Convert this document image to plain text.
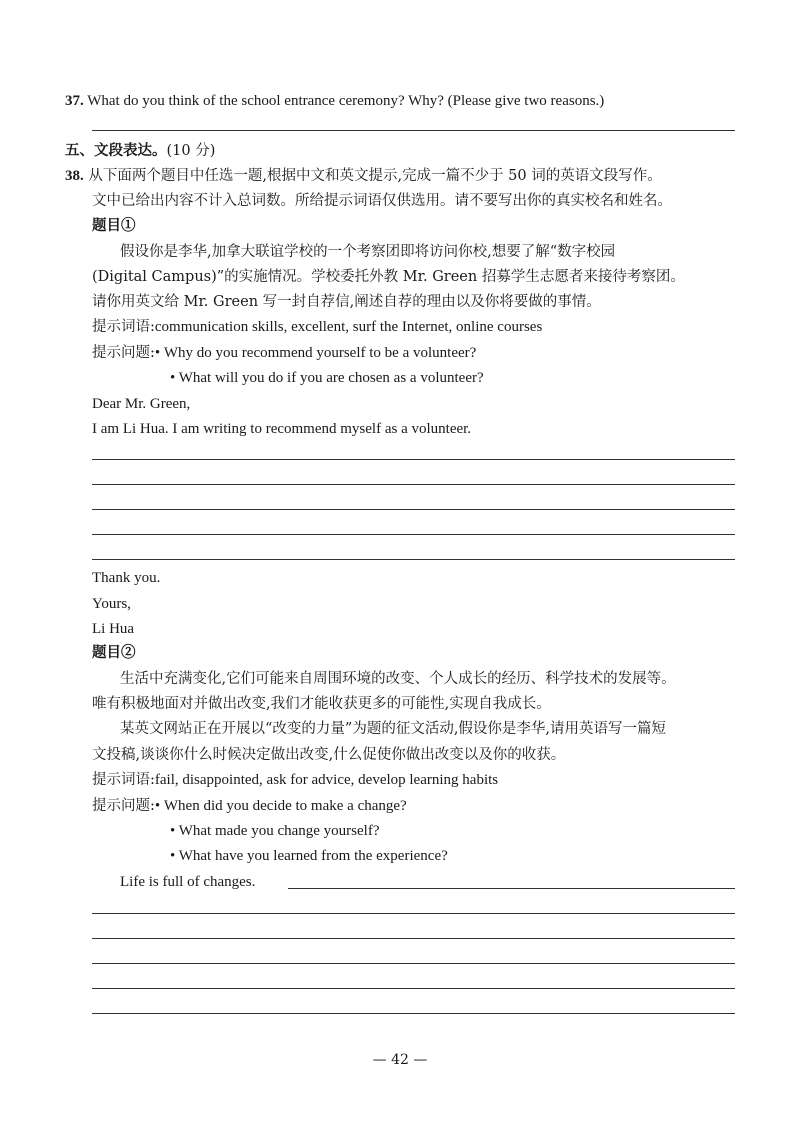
37. What do you think of the school entrance ceremony? Why? (Please give two reasons.)
五、文段表达。(10 分)
38. 从下面两个题目中任选一题,根据中文和英文提示,完成一篇不少于 50 词的英语文段写作。
文中已给出内容不计入总词数。所给提示词语仅供选用。请不要写出你的真实校名和姓名。
题目①
假设你是李华,加拿大联谊学校的一个考察团即将访问你校,想要了解“数字校园
(Digital Campus)”的实施情况。学校委托外教 Mr. Green 招募学生志愿者来接待考察团。
请你用英文给 Mr. Green 写一封自荐信,阐述自荐的理由以及你将要做的事情。
提示词语:communication skills, excellent, surf the Internet, online courses
提示问题:• Why do you recommend yourself to be a volunteer?
• What will you do if you are chosen as a volunteer?
Dear Mr. Green,
I am Li Hua. I am writing to recommend myself as a volunteer.
Thank you.
Yours,
Li Hua
题目②
生活中充满变化,它们可能来自周围环境的改变、个人成长的经历、科学技术的发展等。
唯有积极地面对并做出改变,我们才能收获更多的可能性,实现自我成长。
某英文网站正在开展以“改变的力量”为题的征文活动,假设你是李华,请用英语写一篇短
文投稿,谈谈你什么时候决定做出改变,什么促使你做出改变以及你的收获。
提示词语:fail, disappointed, ask for advice, develop learning habits
提示问题:• When did you decide to make a change?
• What made you change yourself?
• What have you learned from the experience?
Life is full of changes.
— 42 —
